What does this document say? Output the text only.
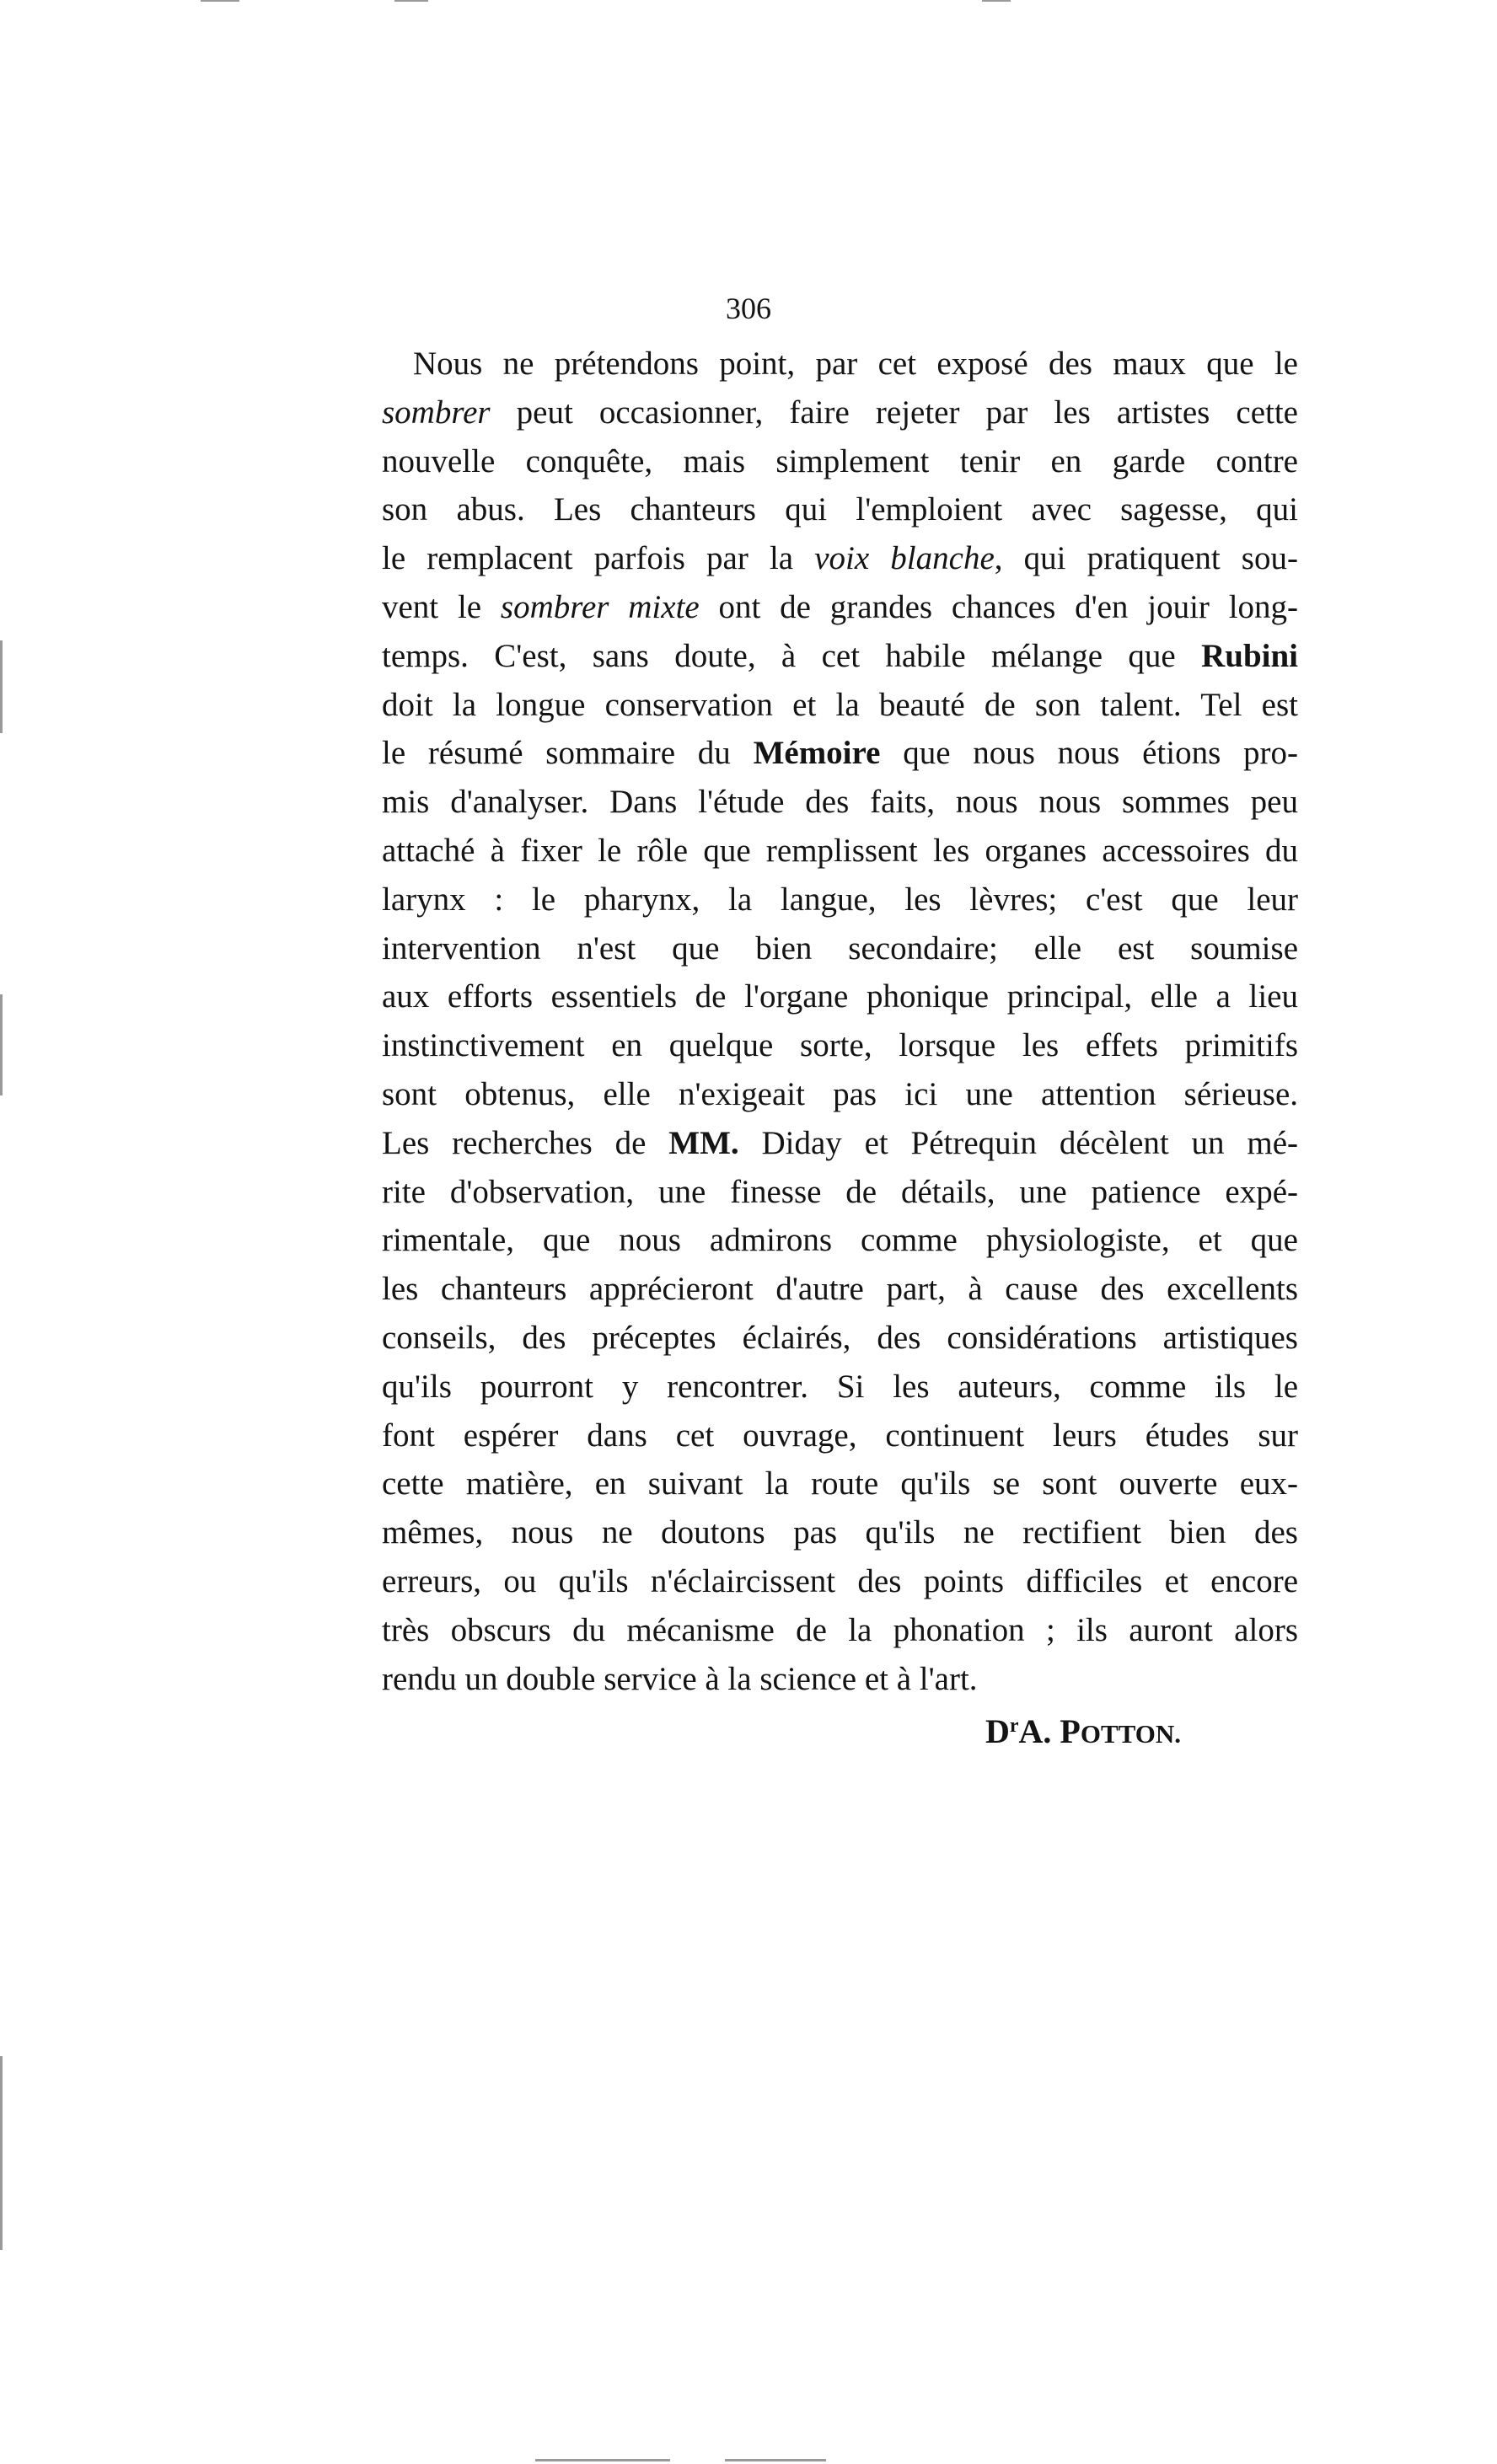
306
Nous ne prétendons point, par cet exposé des maux que le
sombrer peut occasionner, faire rejeter par les artistes cette
nouvelle conquête, mais simplement tenir en garde contre
son abus. Les chanteurs qui l'emploient avec sagesse, qui
le remplacent parfois par la voix blanche, qui pratiquent sou-
vent le sombrer mixte ont de grandes chances d'en jouir long-
temps. C'est, sans doute, à cet habile mélange que Rubini
doit la longue conservation et la beauté de son talent. Tel est
le résumé sommaire du Mémoire que nous nous étions pro-
mis d'analyser. Dans l'étude des faits, nous nous sommes peu
attaché à fixer le rôle que remplissent les organes accessoires du
larynx : le pharynx, la langue, les lèvres; c'est que leur
intervention n'est que bien secondaire; elle est soumise
aux efforts essentiels de l'organe phonique principal, elle a lieu
instinctivement en quelque sorte, lorsque les effets primitifs
sont obtenus, elle n'exigeait pas ici une attention sérieuse.
Les recherches de MM. Diday et Pétrequin décèlent un mé-
rite d'observation, une finesse de détails, une patience expé-
rimentale, que nous admirons comme physiologiste, et que
les chanteurs apprécieront d'autre part, à cause des excellents
conseils, des préceptes éclairés, des considérations artistiques
qu'ils pourront y rencontrer. Si les auteurs, comme ils le
font espérer dans cet ouvrage, continuent leurs études sur
cette matière, en suivant la route qu'ils se sont ouverte eux-
mêmes, nous ne doutons pas qu'ils ne rectifient bien des
erreurs, ou qu'ils n'éclaircissent des points difficiles et encore
très obscurs du mécanisme de la phonation ; ils auront alors
rendu un double service à la science et à l'art.
$D^rA$. POTTON.
